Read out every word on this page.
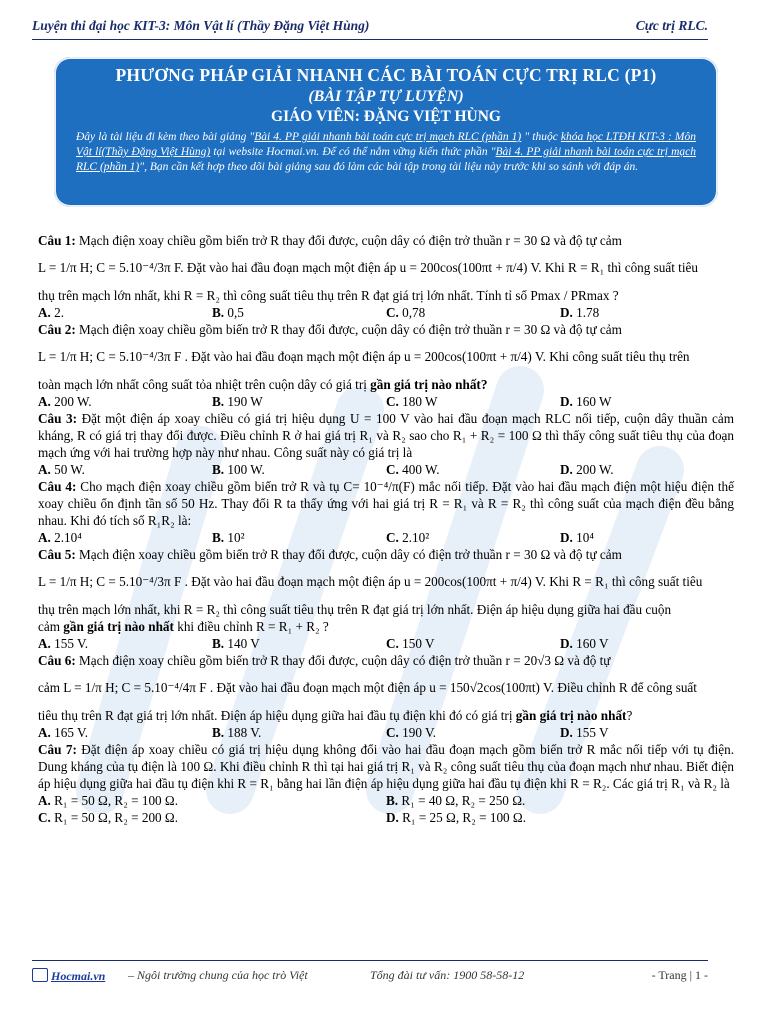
Luyện thi đại học KIT-3: Môn Vật lí (Thầy Đặng Việt Hùng)	Cực trị RLC.
PHƯƠNG PHÁP GIẢI NHANH CÁC BÀI TOÁN CỰC TRỊ RLC (P1)
(BÀI TẬP TỰ LUYỆN)
GIÁO VIÊN: ĐẶNG VIỆT HÙNG
Đây là tài liệu đi kèm theo bài giảng "Bài 4. PP giải nhanh bài toán cực trị mạch RLC (phần 1) " thuộc khóa học LTĐH KIT-3 : Môn Vật lí(Thầy Đặng Việt Hùng) tại website Hocmai.vn. Để có thể nắm vững kiến thức phần "Bài 4. PP giải nhanh bài toán cực trị mạch RLC (phần 1)", Bạn cần kết hợp theo dõi bài giảng sau đó làm các bài tập trong tài liệu này trước khi so sánh với đáp án.

Câu 1: Mạch điện xoay chiều gồm biến trở R thay đổi được, cuộn dây có điện trở thuần r = 30 Ω và độ tự cảm

L = 1/π H; C = 5.10⁻⁴/3π F. Đặt vào hai đầu đoạn mạch một điện áp u = 200cos(100πt + π/4) V. Khi R = R₁ thì công suất tiêu

thụ trên mạch lớn nhất, khi R = R₂ thì công suất tiêu thụ trên R đạt giá trị lớn nhất. Tính tỉ số Pmax / PRmax ?

A. 2.	B. 0,5	C. 0,78	D. 1.78

Câu 2: Mạch điện xoay chiều gồm biến trở R thay đổi được, cuộn dây có điện trở thuần r = 30 Ω và độ tự cảm

L = 1/π H; C = 5.10⁻⁴/3π F . Đặt vào hai đầu đoạn mạch một điện áp u = 200cos(100πt + π/4) V. Khi công suất tiêu thụ trên

toàn mạch lớn nhất công suất tỏa nhiệt trên cuộn dây có giá trị gần giá trị nào nhất?

A. 200 W.	B. 190 W	C. 180 W	D. 160 W

Câu 3: Đặt một điện áp xoay chiều có giá trị hiệu dụng U = 100 V vào hai đầu đoạn mạch RLC nối tiếp, cuộn dây thuần cảm kháng, R có giá trị thay đổi được. Điều chỉnh R ở hai giá trị R₁ và R₂ sao cho R₁ + R₂ = 100 Ω thì thấy công suất tiêu thụ của đoạn mạch ứng với hai trường hợp này như nhau. Công suất này có giá trị là

A. 50 W.	B. 100 W.	C. 400 W.	D. 200 W.

Câu 4: Cho mạch điện xoay chiều gồm biến trở R và tụ C= 10⁻⁴/π(F) mắc nối tiếp. Đặt vào hai đầu mạch điện một hiệu điện thế xoay chiều ổn định tần số 50 Hz. Thay đổi R ta thấy ứng với hai giá trị R = R₁ và R = R₂ thì công suất của mạch điện đều bằng nhau. Khi đó tích số R₁R₂ là:

A. 2.10⁴	B. 10²	C. 2.10²	D. 10⁴

Câu 5: Mạch điện xoay chiều gồm biến trở R thay đổi được, cuộn dây có điện trở thuần r = 30 Ω và độ tự cảm

L = 1/π H; C = 5.10⁻⁴/3π F . Đặt vào hai đầu đoạn mạch một điện áp u = 200cos(100πt + π/4) V. Khi R = R₁ thì công suất tiêu

thụ trên mạch lớn nhất, khi R = R₂ thì công suất tiêu thụ trên R đạt giá trị lớn nhất. Điện áp hiệu dụng giữa hai đầu cuộn

cảm gần giá trị nào nhất khi điều chỉnh R = R₁ + R₂ ?

A. 155 V.	B. 140 V	C. 150 V	D. 160 V

Câu 6: Mạch điện xoay chiều gồm biến trở R thay đổi được, cuộn dây có điện trở thuần r = 20√3 Ω và độ tự

cảm L = 1/π H; C = 5.10⁻⁴/4π F . Đặt vào hai đầu đoạn mạch một điện áp u = 150√2cos(100πt) V. Điều chỉnh R để công suất

tiêu thụ trên R đạt giá trị lớn nhất. Điện áp hiệu dụng giữa hai đầu tụ điện khi đó có giá trị gần giá trị nào nhất?

A. 165 V.	B. 188 V.	C. 190 V.	D. 155 V

Câu 7: Đặt điện áp xoay chiều có giá trị hiệu dụng không đổi vào hai đầu đoạn mạch gồm biến trở R mắc nối tiếp với tụ điện. Dung kháng của tụ điện là 100 Ω. Khi điều chỉnh R thì tại hai giá trị R₁ và R₂ công suất tiêu thụ của đoạn mạch như nhau. Biết điện áp hiệu dụng giữa hai đầu tụ điện khi R = R₁ bằng hai lần điện áp hiệu dụng giữa hai đầu tụ điện khi R = R₂. Các giá trị R₁ và R₂ là

A. R₁ = 50 Ω, R₂ = 100 Ω.	B. R₁ = 40 Ω, R₂ = 250 Ω.
C. R₁ = 50 Ω, R₂ = 200 Ω.	D. R₁ = 25 Ω, R₂ = 100 Ω.
Hocmai.vn – Ngôi trường chung của học trò Việt	Tổng đài tư vấn: 1900 58-58-12	- Trang | 1 -
